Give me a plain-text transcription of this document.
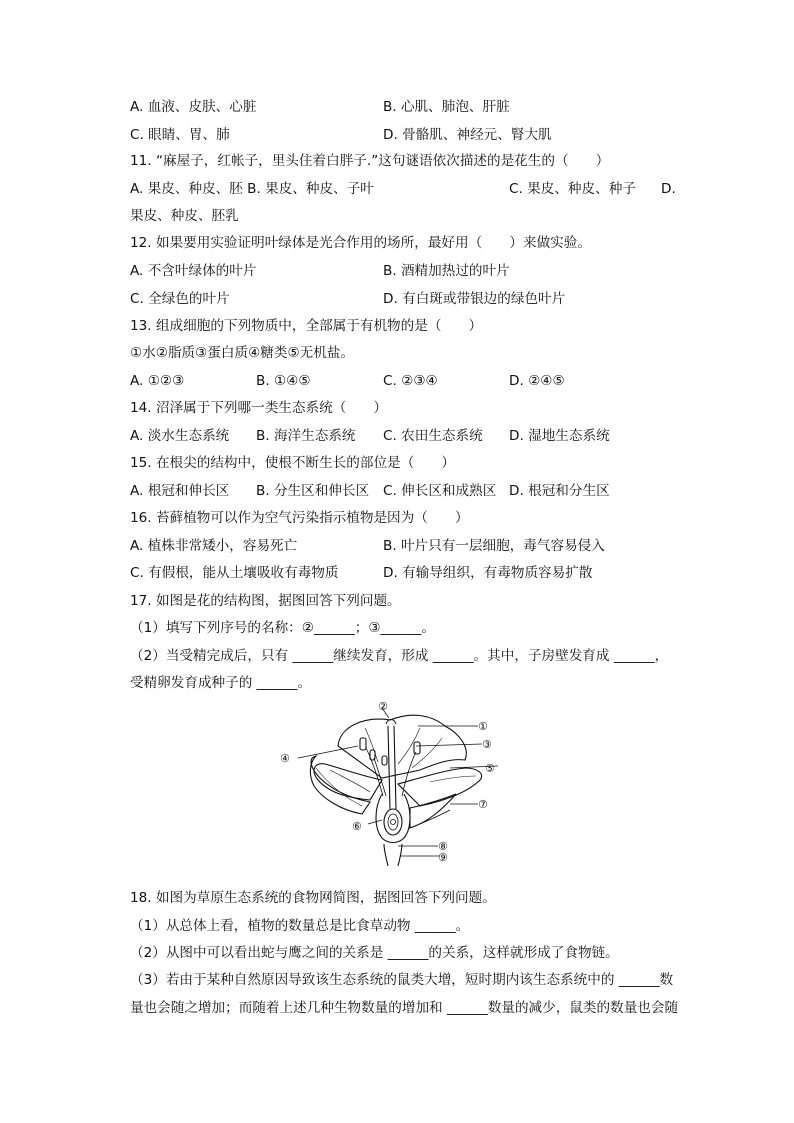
A. 血液、皮肤、心脏	B. 心肌、肺泡、肝脏
C. 眼睛、胃、肺	D. 骨骼肌、神经元、腎大肌
11. “麻屋子，红帐子，里头住着白胖子.”这句谜语依次描述的是花生的（　　）
A. 果皮、种皮、胚 B. 果皮、种皮、子叶	C. 果皮、种皮、种子 D.
果皮、种皮、胚乳
12. 如果要用实验证明叶绿体是光合作用的场所，最好用（　　）来做实验。
A. 不含叶绿体的叶片	B. 酒精加热过的叶片
C. 全绿色的叶片	D. 有白斑或带银边的绿色叶片
13. 组成细胞的下列物质中，全部属于有机物的是（　　）
①水②脂质③蛋白质④糖类⑤无机盐。
A. ①②③	B. ①④⑤	C. ②③④	D. ②④⑤
14. 沼泽属于下列哪一类生态系统（　　）
A. 淡水生态系统 B. 海洋生态系统 C. 农田生态系统 D. 湿地生态系统
15. 在根尖的结构中，使根不断生长的部位是（　　）
A. 根冠和伸长区 B. 分生区和伸长区 C. 伸长区和成熟区 D. 根冠和分生区
16. 苔藓植物可以作为空气污染指示植物是因为（　　）
A. 植株非常矮小，容易死亡	B. 叶片只有一层细胞，毒气容易侵入
C. 有假根，能从土壤吸收有毒物质	D. 有输导组织，有毒物质容易扩散
17. 如图是花的结构图，据图回答下列问题。
（1）填写下列序号的名称：②______；③______。
（2）当受精完成后，只有 ______继续发育，形成 ______。其中，子房壁发育成 ______，
受精卵发育成种子的 ______。
②
①
③
④
⑤
⑦
⑥
⑧
⑨
18. 如图为草原生态系统的食物网简图，据图回答下列问题。
（1）从总体上看，植物的数量总是比食草动物 ______。
（2）从图中可以看出蛇与鹰之间的关系是 ______的关系，这样就形成了食物链。
（3）若由于某种自然原因导致该生态系统的鼠类大增，短时期内该生态系统中的 ______数
量也会随之增加；而随着上述几种生物数量的增加和 ______数量的减少，鼠类的数量也会随
